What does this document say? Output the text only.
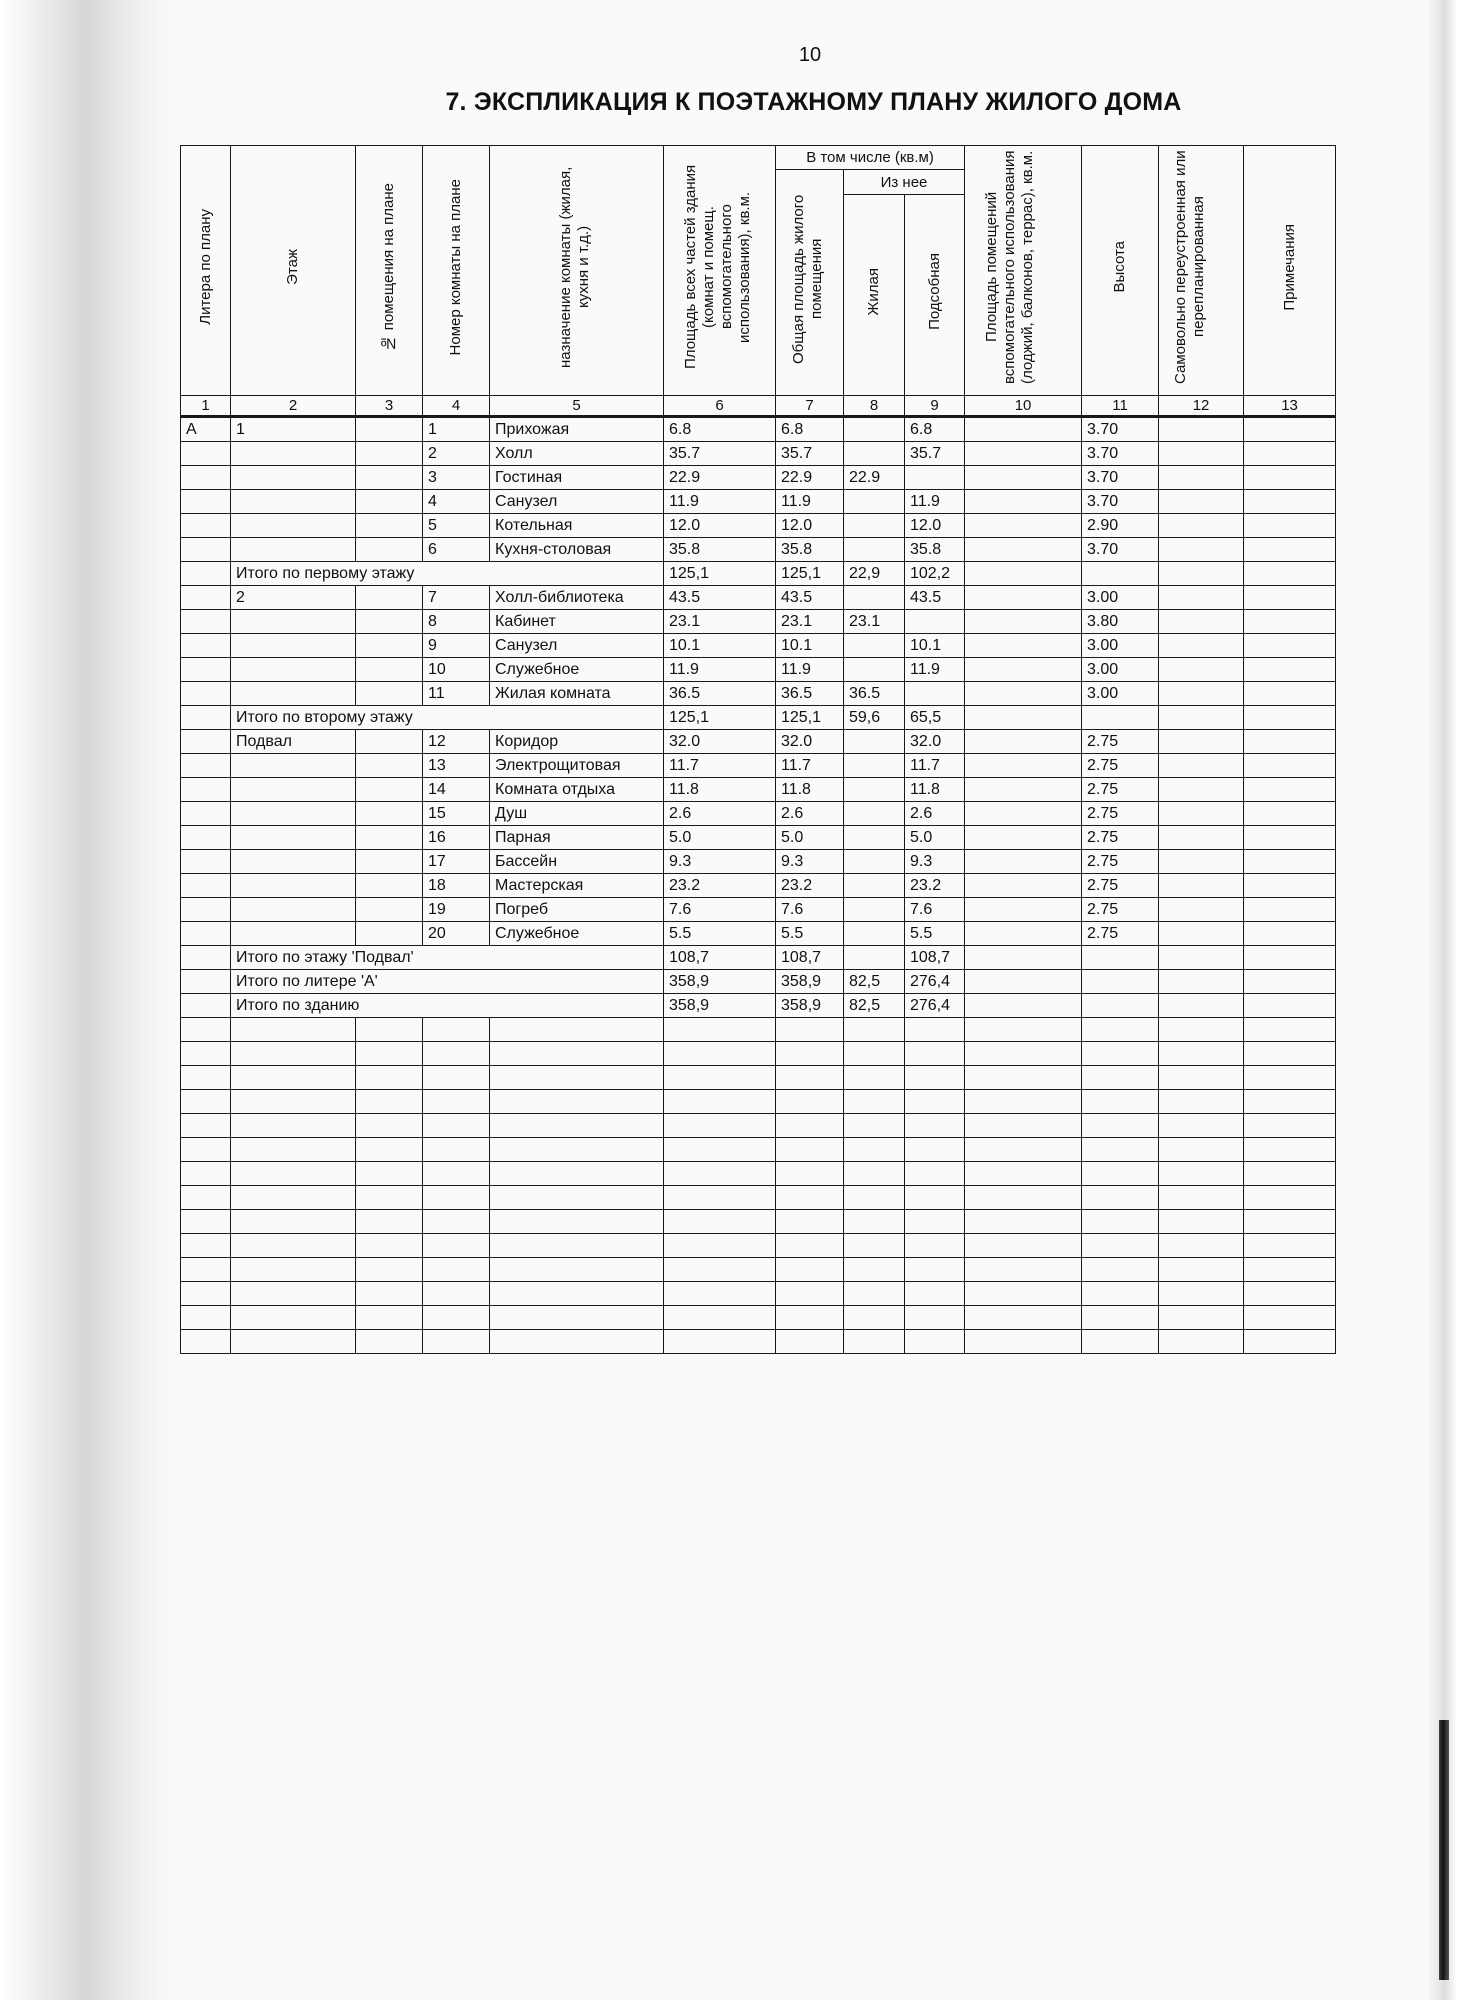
10
7. ЭКСПЛИКАЦИЯ К ПОЭТАЖНОМУ ПЛАНУ ЖИЛОГО ДОМА
Литера по плану	Этаж	№ помещения на плане	Номер комнаты на плане	назначение комнаты (жилая, кухня и т.д.)	Площадь всех частей здания (комнат и помещ. вспомогательного использования), кв.м.	В том числе (кв.м)			Площадь помещений вспомогательного использования (лоджий, балконов, террас), кв.м.	Высота	Самовольно переустроенная или перепланированная	Примечания
						Общая площадь жилого помещения	Из нее					
							Жилая	Подсобная				
1	2	3	4	5	6	7	8	9	10	11	12	13
А	1		1	Прихожая	6.8	6.8		6.8		3.70		
			2	Холл	35.7	35.7		35.7		3.70		
			3	Гостиная	22.9	22.9	22.9			3.70		
			4	Санузел	11.9	11.9		11.9		3.70		
			5	Котельная	12.0	12.0		12.0		2.90		
			6	Кухня-столовая	35.8	35.8		35.8		3.70		
	Итого по первому этажу				125,1	125,1	22,9	102,2				
	2		7	Холл-библиотека	43.5	43.5		43.5		3.00		
			8	Кабинет	23.1	23.1	23.1			3.80		
			9	Санузел	10.1	10.1		10.1		3.00		
			10	Служебное	11.9	11.9		11.9		3.00		
			11	Жилая комната	36.5	36.5	36.5			3.00		
	Итого по второму этажу				125,1	125,1	59,6	65,5				
	Подвал		12	Коридор	32.0	32.0		32.0		2.75		
			13	Электрощитовая	11.7	11.7		11.7		2.75		
			14	Комната отдыха	11.8	11.8		11.8		2.75		
			15	Душ	2.6	2.6		2.6		2.75		
			16	Парная	5.0	5.0		5.0		2.75		
			17	Бассейн	9.3	9.3		9.3		2.75		
			18	Мастерская	23.2	23.2		23.2		2.75		
			19	Погреб	7.6	7.6		7.6		2.75		
			20	Служебное	5.5	5.5		5.5		2.75		
	Итого по этажу 'Подвал'				108,7	108,7		108,7				
	Итого по литере 'А'				358,9	358,9	82,5	276,4				
	Итого по зданию				358,9	358,9	82,5	276,4				
